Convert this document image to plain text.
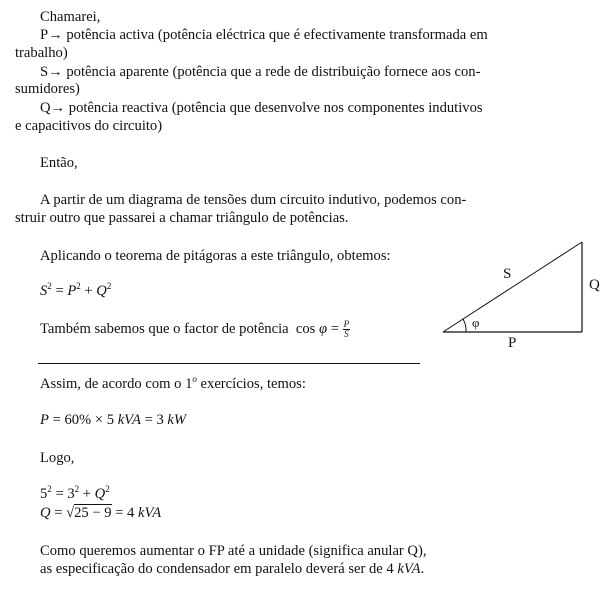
Chamarei,
P→ potência activa (potência eléctrica que é efectivamente transformada em
trabalho)
S→ potência aparente (potência que a rede de distribuição fornece aos con-
sumidores)
Q→ potência reactiva (potência que desenvolve nos componentes indutivos
e capacitivos do circuito)
Então,
A partir de um diagrama de tensões dum circuito indutivo, podemos con-
struir outro que passarei a chamar triângulo de potências.
Aplicando o teorema de pitágoras a este triângulo, obtemos:
$S^2 = P^2 + Q^2$
Também sabemos que o factor de potência $\cos \varphi = \frac{P}{S}$
S
Q
P
φ
Assim, de acordo com o 1$^o$ exercícios, temos:
P = 60% × 5 kVA = 3 kW
Logo,
$5^2 = 3^2 + Q^2$
Q = √25 − 9 = 4 kVA
Como queremos aumentar o FP até a unidade (significa anular Q),
as especificação do condensador em paralelo deverá ser de 4 kVA.
